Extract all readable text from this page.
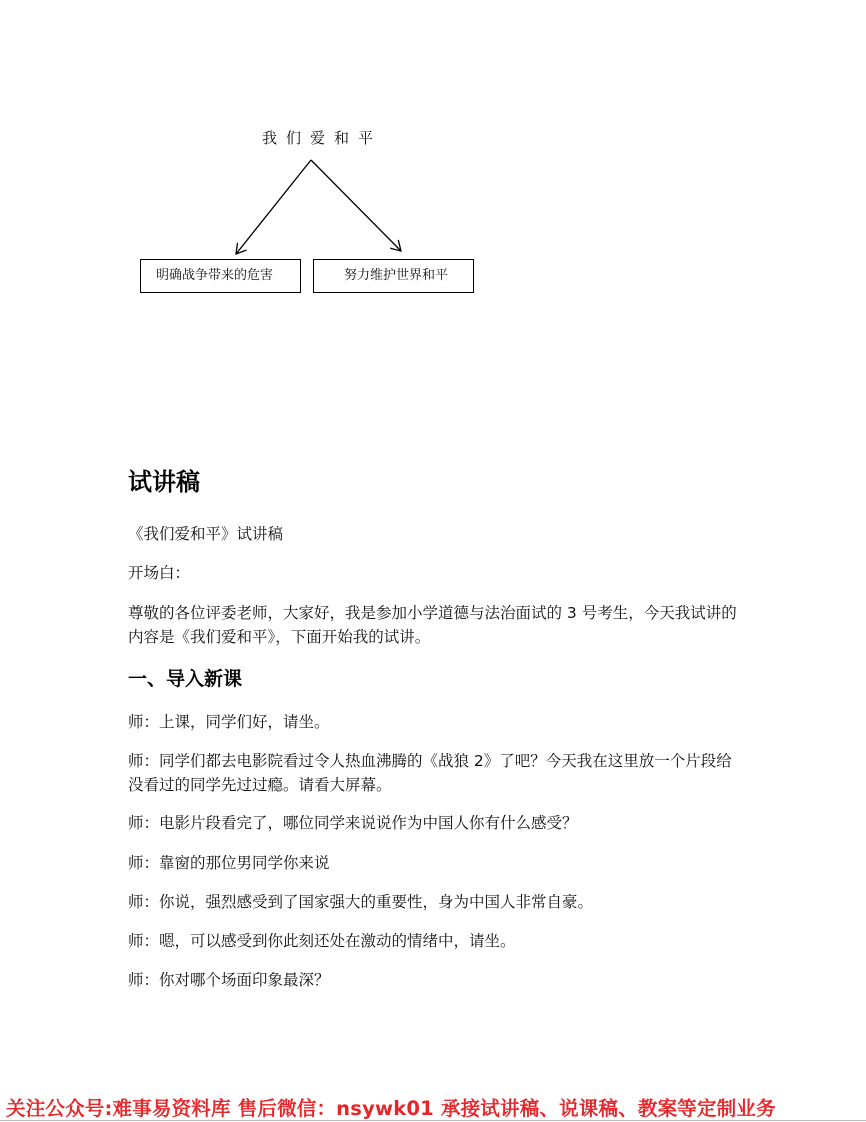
我们爱和平
明确战争带来的危害	努力维护世界和平
试讲稿
《我们爱和平》试讲稿
开场白：
尊敬的各位评委老师，大家好，我是参加小学道德与法治面试的 3 号考生，今天我试讲的内容是《我们爱和平》，下面开始我的试讲。
一、导入新课
师：上课，同学们好，请坐。
师：同学们都去电影院看过令人热血沸腾的《战狼 2》了吧？今天我在这里放一个片段给没看过的同学先过过瘾。请看大屏幕。
师：电影片段看完了，哪位同学来说说作为中国人你有什么感受？
师：靠窗的那位男同学你来说
师：你说，强烈感受到了国家强大的重要性，身为中国人非常自豪。
师：嗯，可以感受到你此刻还处在激动的情绪中，请坐。
师：你对哪个场面印象最深？
关注公众号:难事易资料库 售后微信：nsywk01 承接试讲稿、说课稿、教案等定制业务
